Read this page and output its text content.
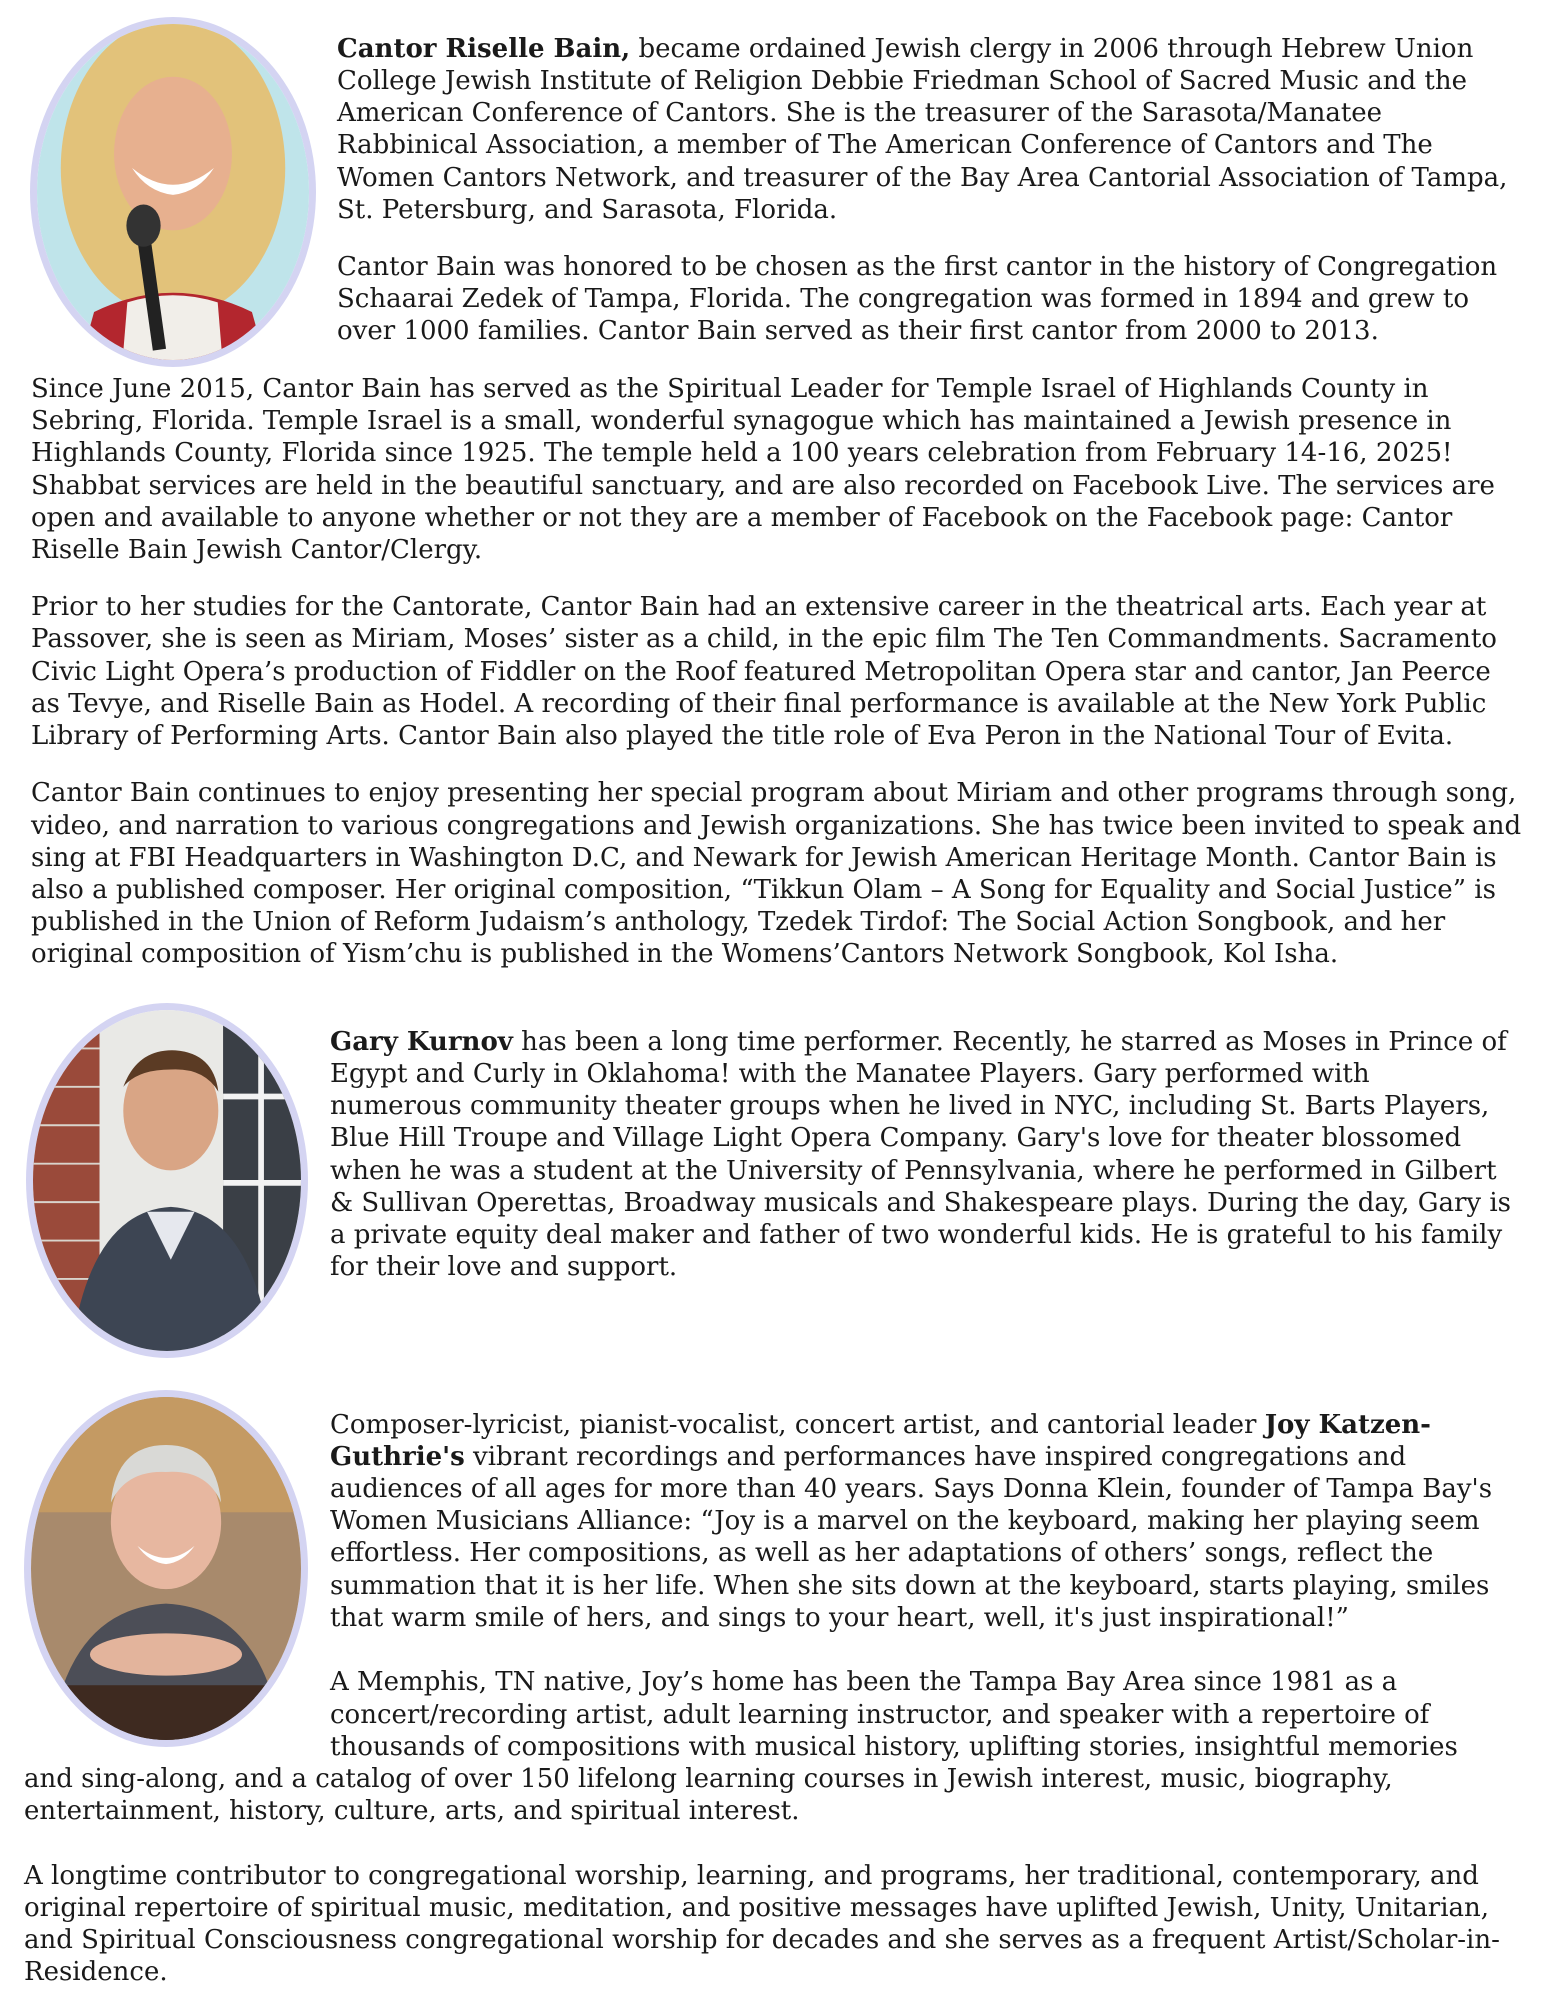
Cantor Riselle Bain, became ordained Jewish clergy in 2006 through Hebrew Union

College Jewish Institute of Religion Debbie Friedman School of Sacred Music and the

American Conference of Cantors. She is the treasurer of the Sarasota/Manatee

Rabbinical Association, a member of The American Conference of Cantors and The

Women Cantors Network, and treasurer of the Bay Area Cantorial Association of Tampa,

St. Petersburg, and Sarasota, Florida.

Cantor Bain was honored to be chosen as the first cantor in the history of Congregation

Schaarai Zedek of Tampa, Florida. The congregation was formed in 1894 and grew to

over 1000 families. Cantor Bain served as their first cantor from 2000 to 2013.

Since June 2015, Cantor Bain has served as the Spiritual Leader for Temple Israel of Highlands County in

Sebring, Florida. Temple Israel is a small, wonderful synagogue which has maintained a Jewish presence in

Highlands County, Florida since 1925. The temple held a 100 years celebration from February 14-16, 2025!

Shabbat services are held in the beautiful sanctuary, and are also recorded on Facebook Live. The services are

open and available to anyone whether or not they are a member of Facebook on the Facebook page: Cantor

Riselle Bain Jewish Cantor/Clergy.

Prior to her studies for the Cantorate, Cantor Bain had an extensive career in the theatrical arts. Each year at

Passover, she is seen as Miriam, Moses’ sister as a child, in the epic film The Ten Commandments. Sacramento

Civic Light Opera’s production of Fiddler on the Roof featured Metropolitan Opera star and cantor, Jan Peerce

as Tevye, and Riselle Bain as Hodel. A recording of their final performance is available at the New York Public

Library of Performing Arts. Cantor Bain also played the title role of Eva Peron in the National Tour of Evita.

Cantor Bain continues to enjoy presenting her special program about Miriam and other programs through song,

video, and narration to various congregations and Jewish organizations. She has twice been invited to speak and

sing at FBI Headquarters in Washington D.C, and Newark for Jewish American Heritage Month. Cantor Bain is

also a published composer. Her original composition, “Tikkun Olam – A Song for Equality and Social Justice” is

published in the Union of Reform Judaism’s anthology, Tzedek Tirdof: The Social Action Songbook, and her

original composition of Yism’chu is published in the Womens’Cantors Network Songbook, Kol Isha.

Gary Kurnov has been a long time performer. Recently, he starred as Moses in Prince of

Egypt and Curly in Oklahoma! with the Manatee Players. Gary performed with

numerous community theater groups when he lived in NYC, including St. Barts Players,

Blue Hill Troupe and Village Light Opera Company. Gary's love for theater blossomed

when he was a student at the University of Pennsylvania, where he performed in Gilbert

& Sullivan Operettas, Broadway musicals and Shakespeare plays. During the day, Gary is

a private equity deal maker and father of two wonderful kids. He is grateful to his family

for their love and support.

Composer-lyricist, pianist-vocalist, concert artist, and cantorial leader Joy Katzen-

Guthrie's vibrant recordings and performances have inspired congregations and

audiences of all ages for more than 40 years. Says Donna Klein, founder of Tampa Bay's

Women Musicians Alliance: “Joy is a marvel on the keyboard, making her playing seem

effortless. Her compositions, as well as her adaptations of others’ songs, reflect the

summation that it is her life. When she sits down at the keyboard, starts playing, smiles

that warm smile of hers, and sings to your heart, well, it's just inspirational!”

A Memphis, TN native, Joy’s home has been the Tampa Bay Area since 1981 as a

concert/recording artist, adult learning instructor, and speaker with a repertoire of

thousands of compositions with musical history, uplifting stories, insightful memories

and sing-along, and a catalog of over 150 lifelong learning courses in Jewish interest, music, biography,

entertainment, history, culture, arts, and spiritual interest.

A longtime contributor to congregational worship, learning, and programs, her traditional, contemporary, and

original repertoire of spiritual music, meditation, and positive messages have uplifted Jewish, Unity, Unitarian,

and Spiritual Consciousness congregational worship for decades and she serves as a frequent Artist/Scholar-in-

Residence.
